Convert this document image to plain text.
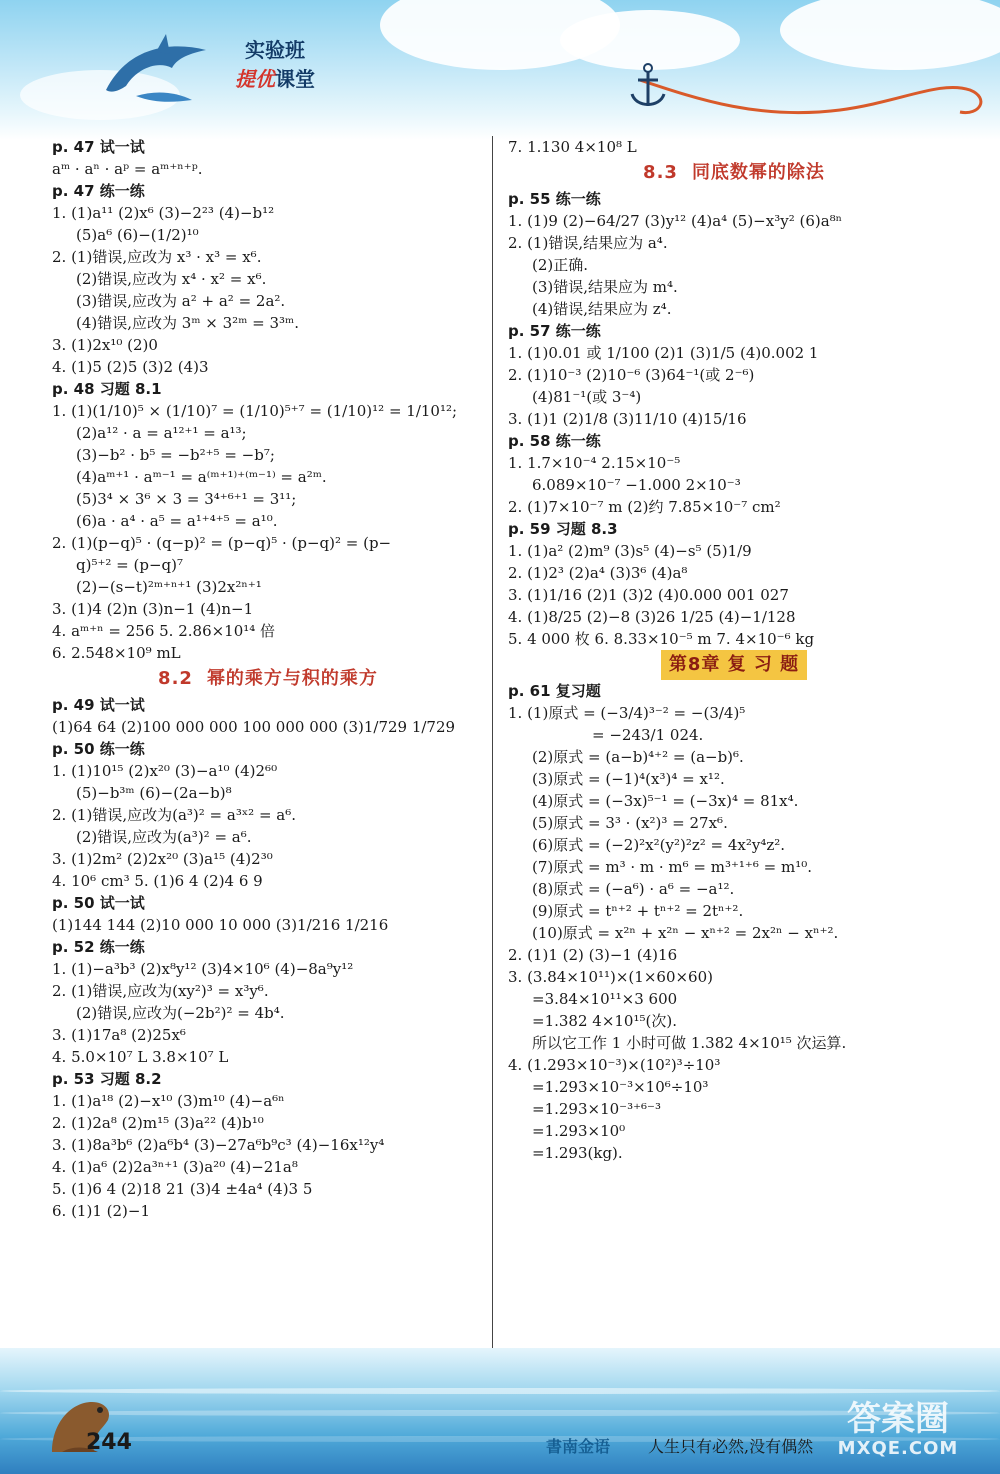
实验班
提优课堂
p. 47 试一试
aᵐ · aⁿ · aᵖ = aᵐ⁺ⁿ⁺ᵖ.
p. 47 练一练
1. (1)a¹¹ (2)x⁶ (3)−2²³ (4)−b¹²
(5)a⁶ (6)−(1/2)¹⁰
2. (1)错误,应改为 x³ · x³ = x⁶.
(2)错误,应改为 x⁴ · x² = x⁶.
(3)错误,应改为 a² + a² = 2a².
(4)错误,应改为 3ᵐ × 3²ᵐ = 3³ᵐ.
3. (1)2x¹⁰ (2)0
4. (1)5 (2)5 (3)2 (4)3
p. 48 习题 8.1
1. (1)(1/10)⁵ × (1/10)⁷ = (1/10)⁵⁺⁷ = (1/10)¹² = 1/10¹²;
(2)a¹² · a = a¹²⁺¹ = a¹³;
(3)−b² · b⁵ = −b²⁺⁵ = −b⁷;
(4)aᵐ⁺¹ · aᵐ⁻¹ = a⁽ᵐ⁺¹⁾⁺⁽ᵐ⁻¹⁾ = a²ᵐ.
(5)3⁴ × 3⁶ × 3 = 3⁴⁺⁶⁺¹ = 3¹¹;
(6)a · a⁴ · a⁵ = a¹⁺⁴⁺⁵ = a¹⁰.
2. (1)(p−q)⁵ · (q−p)² = (p−q)⁵ · (p−q)² = (p−
q)⁵⁺² = (p−q)⁷
(2)−(s−t)²ᵐ⁺ⁿ⁺¹ (3)2x²ⁿ⁺¹
3. (1)4 (2)n (3)n−1 (4)n−1
4. aᵐ⁺ⁿ = 256 5. 2.86×10¹⁴ 倍
6. 2.548×10⁹ mL
8.2 幂的乘方与积的乘方
p. 49 试一试
(1)64 64 (2)100 000 000 100 000 000 (3)1/729 1/729
p. 50 练一练
1. (1)10¹⁵ (2)x²⁰ (3)−a¹⁰ (4)2⁶⁰
(5)−b³ᵐ (6)−(2a−b)⁸
2. (1)错误,应改为(a³)² = a³ˣ² = a⁶.
(2)错误,应改为(a³)² = a⁶.
3. (1)2m² (2)2x²⁰ (3)a¹⁵ (4)2³⁰
4. 10⁶ cm³ 5. (1)6 4 (2)4 6 9
p. 50 试一试
(1)144 144 (2)10 000 10 000 (3)1/216 1/216
p. 52 练一练
1. (1)−a³b³ (2)x⁸y¹² (3)4×10⁶ (4)−8a⁹y¹²
2. (1)错误,应改为(xy²)³ = x³y⁶.
(2)错误,应改为(−2b²)² = 4b⁴.
3. (1)17a⁸ (2)25x⁶
4. 5.0×10⁷ L 3.8×10⁷ L
p. 53 习题 8.2
1. (1)a¹⁸ (2)−x¹⁰ (3)m¹⁰ (4)−a⁶ⁿ
2. (1)2a⁸ (2)m¹⁵ (3)a²² (4)b¹⁰
3. (1)8a³b⁶ (2)a⁶b⁴ (3)−27a⁶b⁹c³ (4)−16x¹²y⁴
4. (1)a⁶ (2)2a³ⁿ⁺¹ (3)a²⁰ (4)−21a⁸
5. (1)6 4 (2)18 21 (3)4 ±4a⁴ (4)3 5
6. (1)1 (2)−1
7. 1.130 4×10⁸ L
8.3 同底数幂的除法
p. 55 练一练
1. (1)9 (2)−64/27 (3)y¹² (4)a⁴ (5)−x³y² (6)a⁸ⁿ
2. (1)错误,结果应为 a⁴.
(2)正确.
(3)错误,结果应为 m⁴.
(4)错误,结果应为 z⁴.
p. 57 练一练
1. (1)0.01 或 1/100 (2)1 (3)1/5 (4)0.002 1
2. (1)10⁻³ (2)10⁻⁶ (3)64⁻¹(或 2⁻⁶)
(4)81⁻¹(或 3⁻⁴)
3. (1)1 (2)1/8 (3)11/10 (4)15/16
p. 58 练一练
1. 1.7×10⁻⁴ 2.15×10⁻⁵
6.089×10⁻⁷ −1.000 2×10⁻³
2. (1)7×10⁻⁷ m (2)约 7.85×10⁻⁷ cm²
p. 59 习题 8.3
1. (1)a² (2)m⁹ (3)s⁵ (4)−s⁵ (5)1/9
2. (1)2³ (2)a⁴ (3)3⁶ (4)a⁸
3. (1)1/16 (2)1 (3)2 (4)0.000 001 027
4. (1)8/25 (2)−8 (3)26 1/25 (4)−1/128
5. 4 000 枚 6. 8.33×10⁻⁵ m 7. 4×10⁻⁶ kg
第8章 复 习 题
p. 61 复习题
1. (1)原式 = (−3/4)³⁻² = −(3/4)⁵
= −243/1 024.
(2)原式 = (a−b)⁴⁺² = (a−b)⁶.
(3)原式 = (−1)⁴(x³)⁴ = x¹².
(4)原式 = (−3x)⁵⁻¹ = (−3x)⁴ = 81x⁴.
(5)原式 = 3³ · (x²)³ = 27x⁶.
(6)原式 = (−2)²x²(y²)²z² = 4x²y⁴z².
(7)原式 = m³ · m · m⁶ = m³⁺¹⁺⁶ = m¹⁰.
(8)原式 = (−a⁶) · a⁶ = −a¹².
(9)原式 = tⁿ⁺² + tⁿ⁺² = 2tⁿ⁺².
(10)原式 = x²ⁿ + x²ⁿ − xⁿ⁺² = 2x²ⁿ − xⁿ⁺².
2. (1)1 (2) (3)−1 (4)16
3. (3.84×10¹¹)×(1×60×60)
=3.84×10¹¹×3 600
=1.382 4×10¹⁵(次).
所以它工作 1 小时可做 1.382 4×10¹⁵ 次运算.
4. (1.293×10⁻³)×(10²)³÷10³
=1.293×10⁻³×10⁶÷10³
=1.293×10⁻³⁺⁶⁻³
=1.293×10⁰
=1.293(kg).
244	書南金语 人生只有必然,没有偶然
答案圈
MXQE.COM
